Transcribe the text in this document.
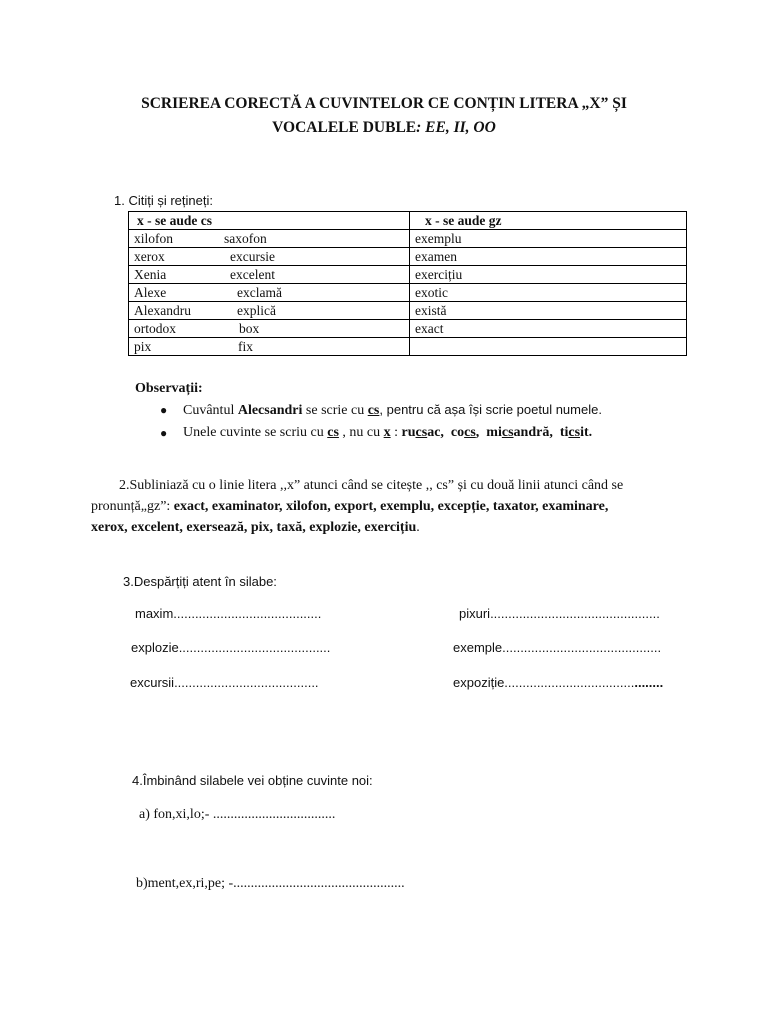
SCRIEREA CORECTĂ A CUVINTELOR CE CONȚIN LITERA „X” ȘI
VOCALELE DUBLE: EE, II, OO
1. Citiți și rețineți:
x - se aude cs	x - se aude gz
xilofon saxofon	exemplu
xerox excursie	examen
Xenia excelent	exercițiu
Alexe exclamă	exotic
Alexandru explică	există
ortodox box	exact
pix fix	
Observații:
● Cuvântul Alecsandri se scrie cu cs, pentru că așa își scrie poetul numele.
● Unele cuvinte se scriu cu cs , nu cu x : rucsac, cocs, micsandră, ticsit.
2.Subliniază cu o linie litera ,,x” atunci când se citește ,, cs” și cu două linii atunci când se
pronunță„gz”: exact, examinator, xilofon, export, exemplu, excepție, taxator, examinare,
xerox, excelent, exersează, pix, taxă, explozie, exercițiu.
3.Despărțiți atent în silabe:
maxim.........................................	pixuri...............................................
explozie..........................................	exemple............................................
excursii........................................	expoziție............................................
4.Îmbinând silabele vei obține cuvinte noi:
a) fon,xi,lo;- ...................................
b)ment,ex,ri,pe; -.................................................
